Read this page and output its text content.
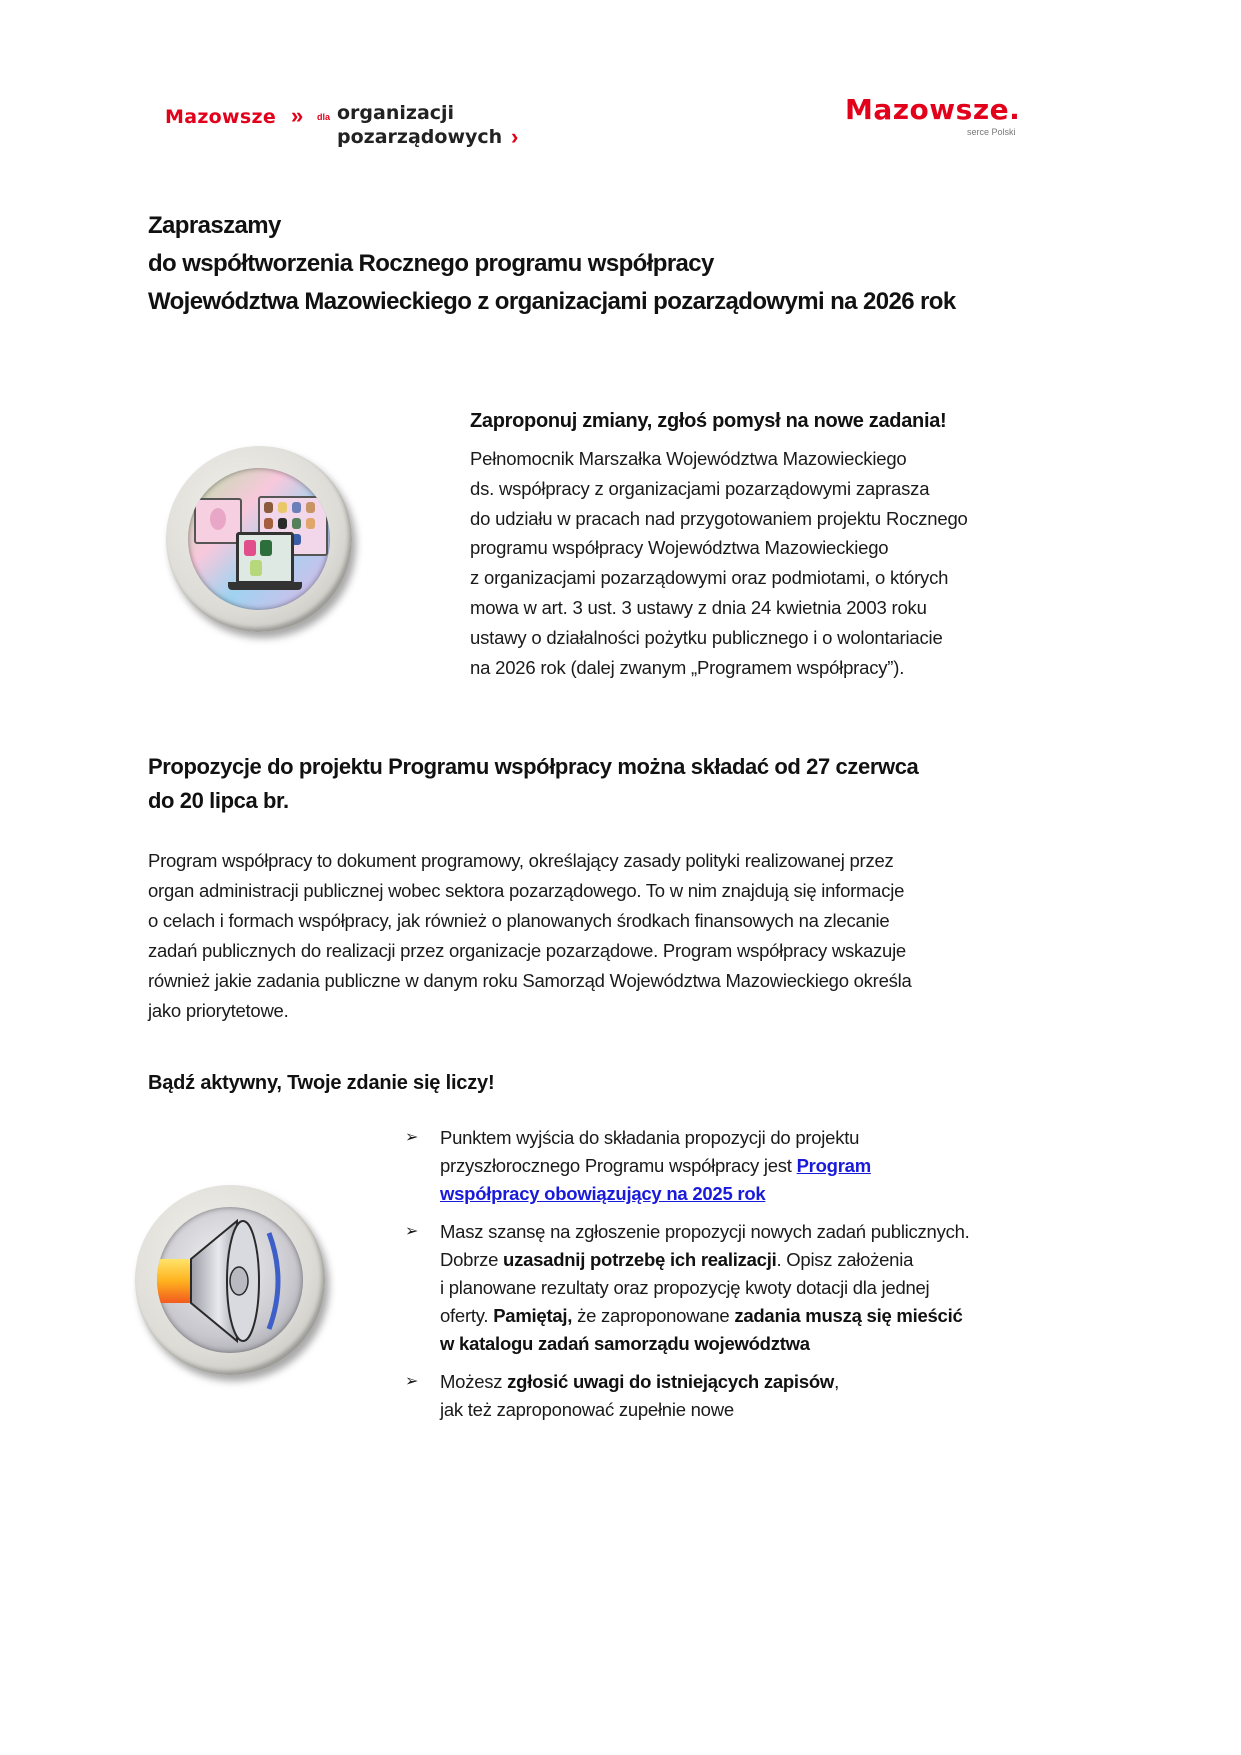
Mazowsze » dla organizacji
pozarządowych ›
Mazowsze.
serce Polski
Zapraszamy
do współtworzenia Rocznego programu współpracy
Województwa Mazowieckiego z organizacjami pozarządowymi na 2026 rok
Zaproponuj zmiany, zgłoś pomysł na nowe zadania!

Pełnomocnik Marszałka Województwa Mazowieckiego
ds. współpracy z organizacjami pozarządowymi zaprasza
do udziału w pracach nad przygotowaniem projektu Rocznego
programu współpracy Województwa Mazowieckiego
z organizacjami pozarządowymi oraz podmiotami, o których
mowa w art. 3 ust. 3 ustawy z dnia 24 kwietnia 2003 roku
ustawy o działalności pożytku publicznego i o wolontariacie
na 2026 rok (dalej zwanym „Programem współpracy”).

Propozycje do projektu Programu współpracy można składać od 27 czerwca
do 20 lipca br.
Program współpracy to dokument programowy, określający zasady polityki realizowanej przez
organ administracji publicznej wobec sektora pozarządowego. To w nim znajdują się informacje
o celach i formach współpracy, jak również o planowanych środkach finansowych na zlecanie
zadań publicznych do realizacji przez organizacje pozarządowe. Program współpracy wskazuje
również jakie zadania publiczne w danym roku Samorząd Województwa Mazowieckiego określa
jako priorytetowe.
Bądź aktywny, Twoje zdanie się liczy!
➢ Punktem wyjścia do składania propozycji do projektu
przyszłorocznego Programu współpracy jest Program
współpracy obowiązujący na 2025 rok
➢ Masz szansę na zgłoszenie propozycji nowych zadań publicznych.
Dobrze uzasadnij potrzebę ich realizacji. Opisz założenia
i planowane rezultaty oraz propozycję kwoty dotacji dla jednej
oferty. Pamiętaj, że zaproponowane zadania muszą się mieścić
w katalogu zadań samorządu województwa
➢ Możesz zgłosić uwagi do istniejących zapisów,
jak też zaproponować zupełnie nowe
